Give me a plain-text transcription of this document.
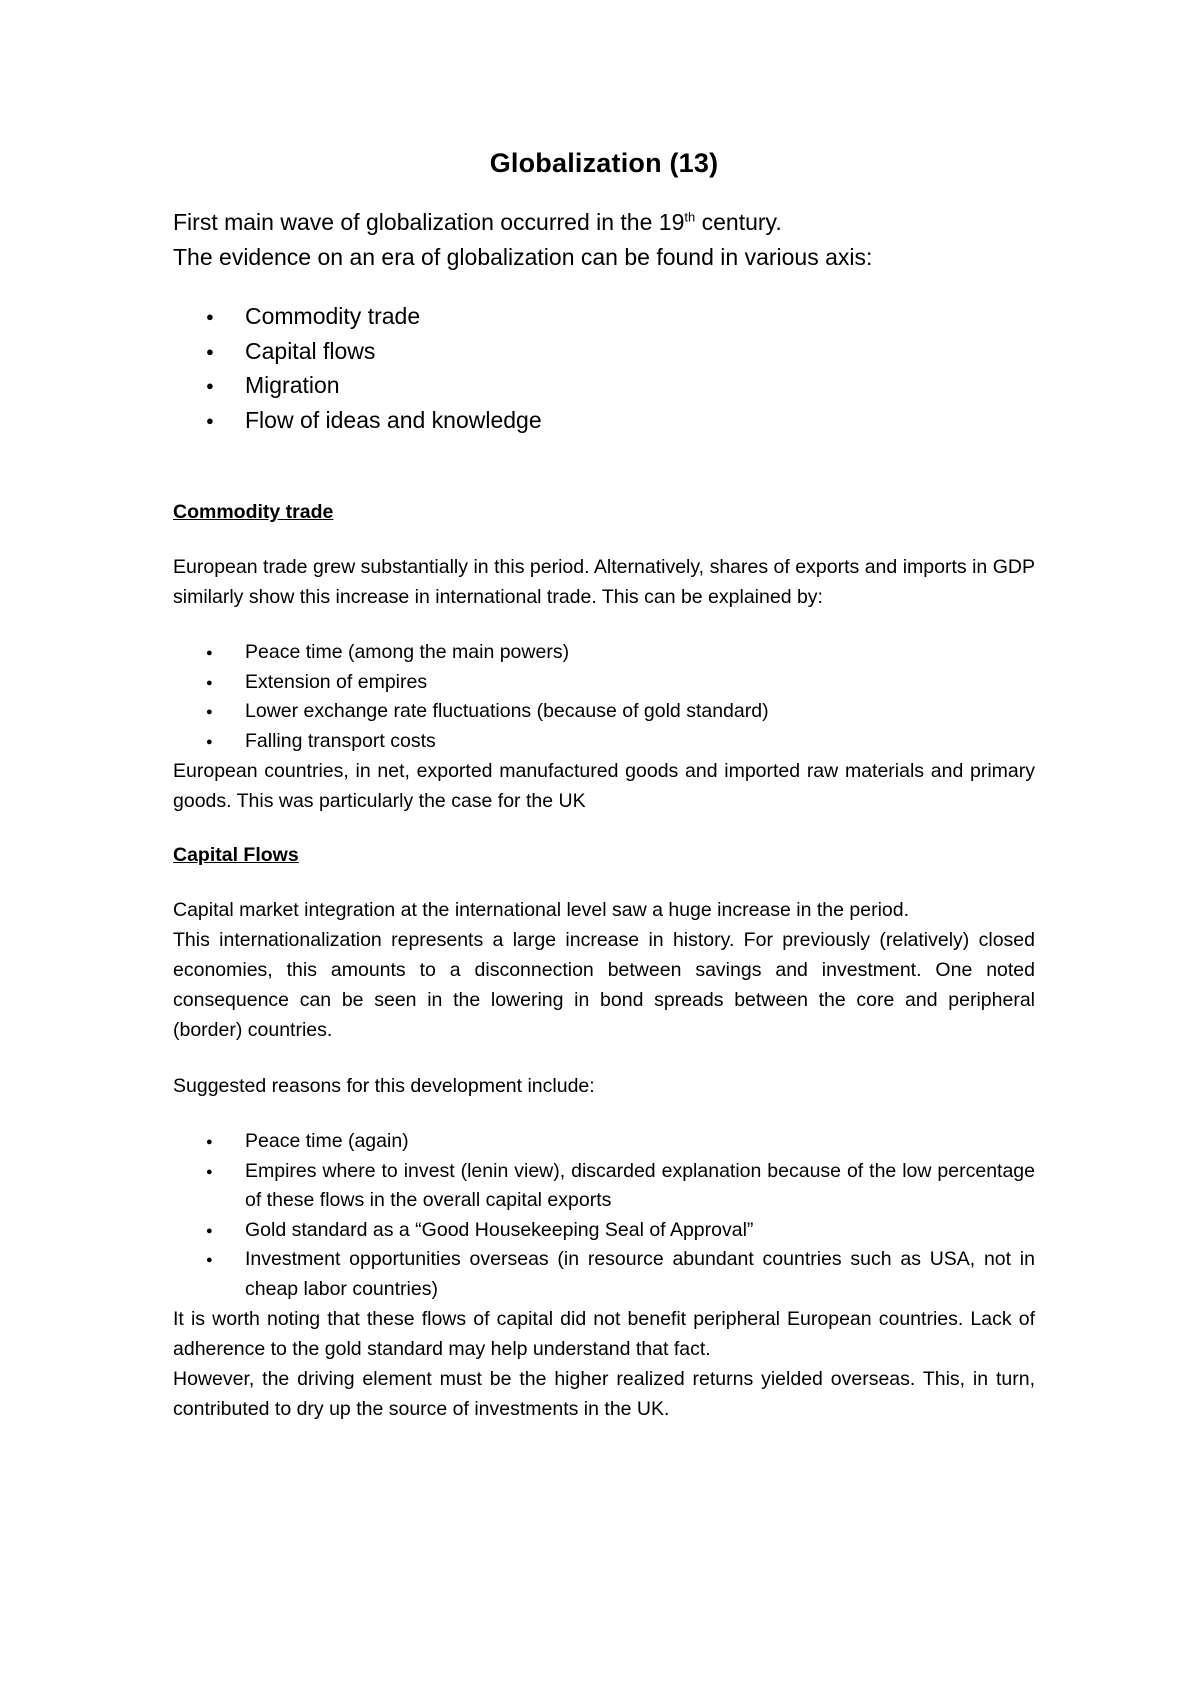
Globalization (13)

First main wave of globalization occurred in the 19th century.
The evidence on an era of globalization can be found in various axis:

● Commodity trade
● Capital flows
● Migration
● Flow of ideas and knowledge
Commodity trade

European trade grew substantially in this period. Alternatively, shares of exports and imports in GDP similarly show this increase in international trade. This can be explained by:

● Peace time (among the main powers)
● Extension of empires
● Lower exchange rate fluctuations (because of gold standard)
● Falling transport costs

European countries, in net, exported manufactured goods and imported raw materials and primary goods. This was particularly the case for the UK

Capital Flows

Capital market integration at the international level saw a huge increase in the period.
This internationalization represents a large increase in history. For previously (relatively) closed economies, this amounts to a disconnection between savings and investment. One noted consequence can be seen in the lowering in bond spreads between the core and peripheral (border) countries.

Suggested reasons for this development include:

● Peace time (again)
● Empires where to invest (lenin view), discarded explanation because of the low percentage of these flows in the overall capital exports
● Gold standard as a “Good Housekeeping Seal of Approval”
● Investment opportunities overseas (in resource abundant countries such as USA, not in cheap labor countries)

It is worth noting that these flows of capital did not benefit peripheral European countries. Lack of adherence to the gold standard may help understand that fact.
However, the driving element must be the higher realized returns yielded overseas. This, in turn, contributed to dry up the source of investments in the UK.
